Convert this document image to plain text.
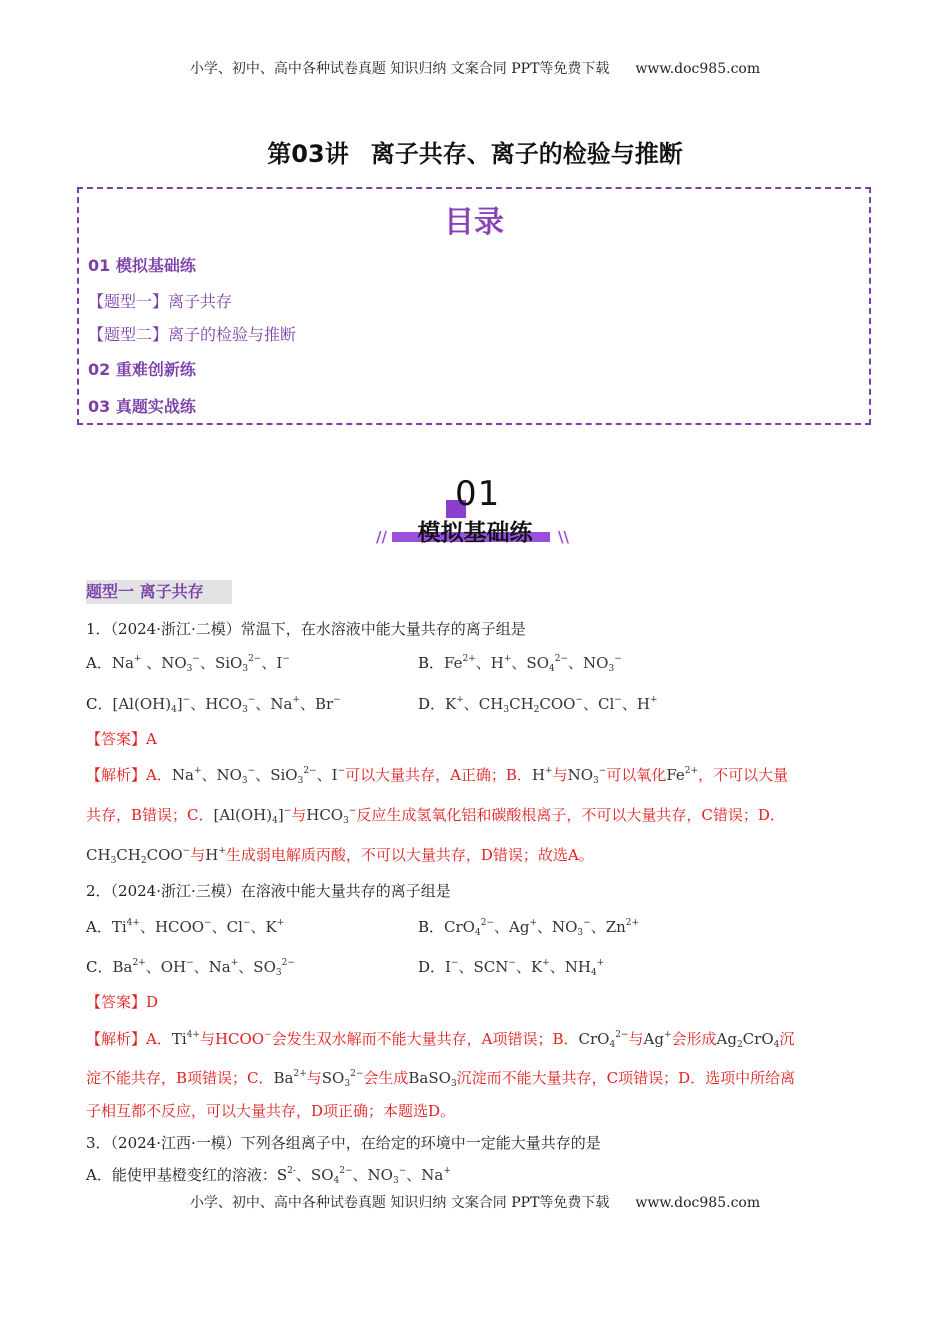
小学、初中、高中各种试卷真题 知识归纳 文案合同 PPT等免费下载 www.doc985.com
第03讲 离子共存、离子的检验与推断
目录
01 模拟基础练
【题型一】离子共存
【题型二】离子的检验与推断
02 重难创新练
03 真题实战练
01
模拟基础练
//	\\
题型一 离子共存
1．（2024·浙江·二模）常温下，在水溶液中能大量共存的离子组是
A．Na+ 、$NO_3^-$、SiO$_3^{2-}$、I−	B．$Fe^{2+}$、H+、$SO_4^{2-}$、$NO_3^-$
C．$[Al(OH)_4]^-$、$HCO_3^-$、Na+、Br−	D．K+、$CH_3CH_2COO^-$、Cl−、H+
【答案】A
【解析】A．Na+、$NO_3^-$、SiO$_3^{2-}$、I−可以大量共存，A正确；B．H+与$NO_3^-$可以氧化$Fe^{2+}$，不可以大量
共存，B错误；C．$[Al(OH)_4]^-$与$HCO_3^-$反应生成氢氧化铝和碳酸根离子，不可以大量共存，C错误；D．
$CH_3CH_2COO^-$与H+生成弱电解质丙酸，不可以大量共存，D错误；故选A。
2．（2024·浙江·三模）在溶液中能大量共存的离子组是
A．$Ti^{4+}$、HCOO−、Cl−、K+	B．CrO$_4^{2-}$、Ag+、$NO_3^-$、$Zn^{2+}$
C．$Ba^{2+}$、OH−、Na+、$SO_3^{2-}$	D．I−、SCN−、K+、$NH_4^+$
【答案】D
【解析】A．$Ti^{4+}$与HCOO−会发生双水解而不能大量共存，A项错误；B．CrO$_4^{2-}$与Ag+会形成$Ag_2CrO_4$沉
淀不能共存，B项错误；C．$Ba^{2+}$与$SO_3^{2-}$会生成BaSO$_3$沉淀而不能大量共存，C项错误；D．选项中所给离
子相互都不反应，可以大量共存，D项正确；本题选D。
3．（2024·江西·一模）下列各组离子中，在给定的环境中一定能大量共存的是
A．能使甲基橙变红的溶液：$S^{2-}$、$SO_4^{2-}$、$NO_3^-$、Na+
小学、初中、高中各种试卷真题 知识归纳 文案合同 PPT等免费下载 www.doc985.com
